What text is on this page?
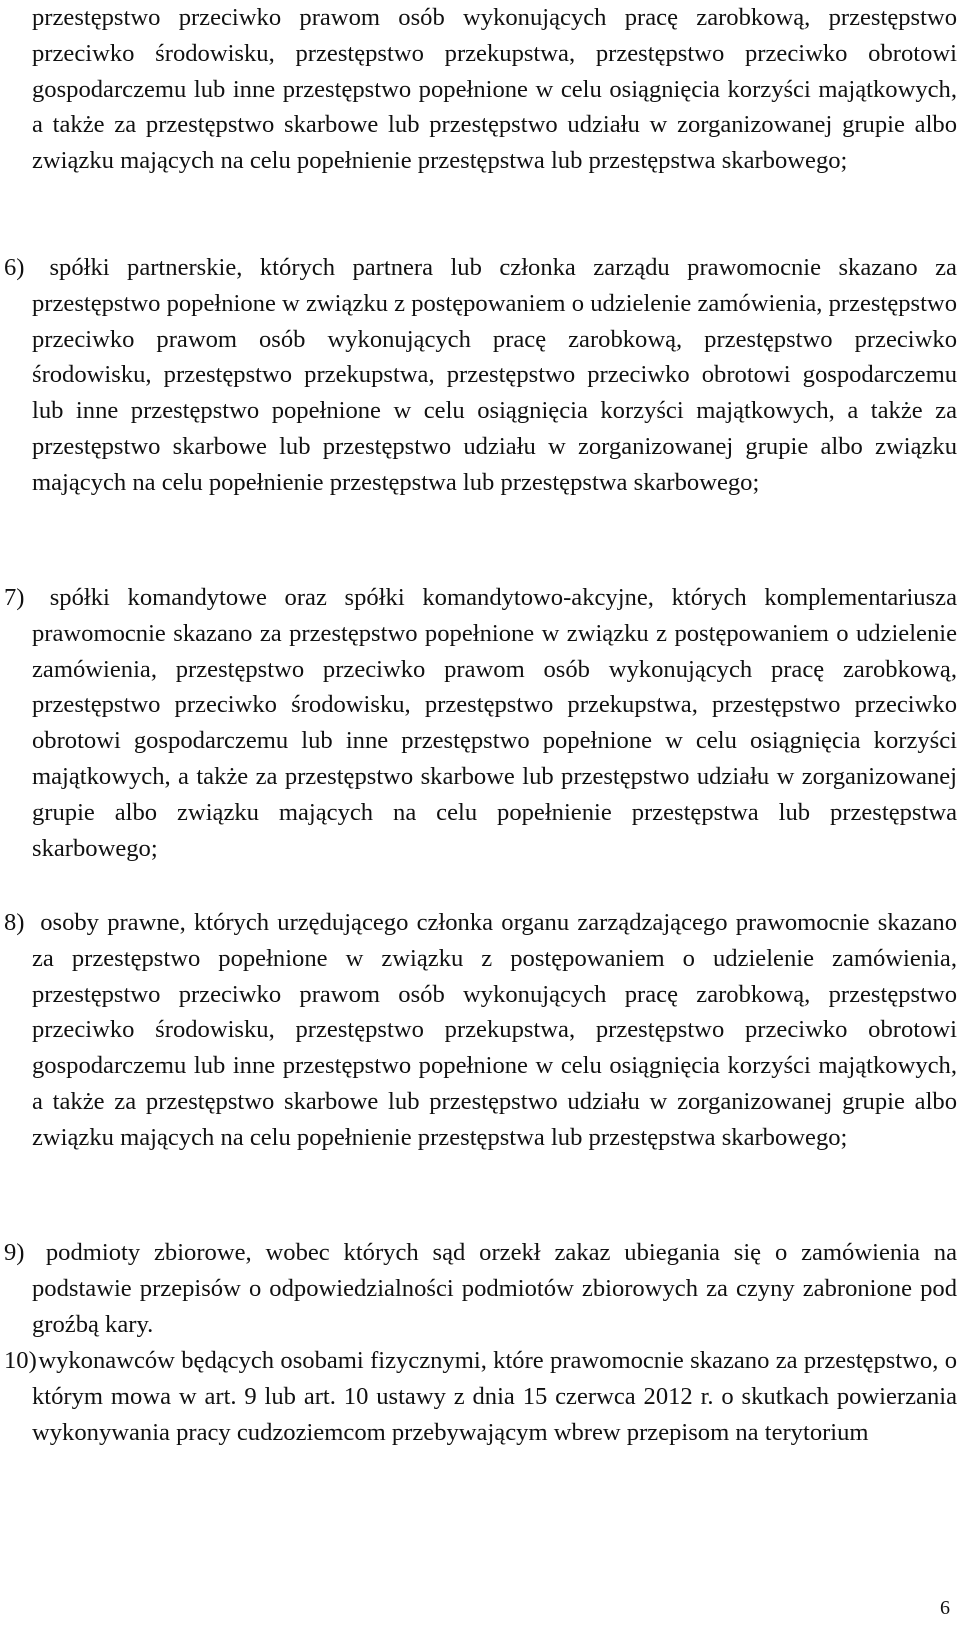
przestępstwo przeciwko prawom osób wykonujących pracę zarobkową, przestępstwo przeciwko środowisku, przestępstwo przekupstwa, przestępstwo przeciwko obrotowi gospodarczemu lub inne przestępstwo popełnione w celu osiągnięcia korzyści majątkowych, a także za przestępstwo skarbowe lub przestępstwo udziału w zorganizowanej grupie albo związku mających na celu popełnienie przestępstwa lub przestępstwa skarbowego;
6) spółki partnerskie, których partnera lub członka zarządu prawomocnie skazano za przestępstwo popełnione w związku z postępowaniem o udzielenie zamówienia, przestępstwo przeciwko prawom osób wykonujących pracę zarobkową, przestępstwo przeciwko środowisku, przestępstwo przekupstwa, przestępstwo przeciwko obrotowi gospodarczemu lub inne przestępstwo popełnione w celu osiągnięcia korzyści majątkowych, a także za przestępstwo skarbowe lub przestępstwo udziału w zorganizowanej grupie albo związku mających na celu popełnienie przestępstwa lub przestępstwa skarbowego;
7) spółki komandytowe oraz spółki komandytowo-akcyjne, których komplementariusza prawomocnie skazano za przestępstwo popełnione w związku z postępowaniem o udzielenie zamówienia, przestępstwo przeciwko prawom osób wykonujących pracę zarobkową, przestępstwo przeciwko środowisku, przestępstwo przekupstwa, przestępstwo przeciwko obrotowi gospodarczemu lub inne przestępstwo popełnione w celu osiągnięcia korzyści majątkowych, a także za przestępstwo skarbowe lub przestępstwo udziału w zorganizowanej grupie albo związku mających na celu popełnienie przestępstwa lub przestępstwa skarbowego;
8) osoby prawne, których urzędującego członka organu zarządzającego prawomocnie skazano za przestępstwo popełnione w związku z postępowaniem o udzielenie zamówienia, przestępstwo przeciwko prawom osób wykonujących pracę zarobkową, przestępstwo przeciwko środowisku, przestępstwo przekupstwa, przestępstwo przeciwko obrotowi gospodarczemu lub inne przestępstwo popełnione w celu osiągnięcia korzyści majątkowych, a także za przestępstwo skarbowe lub przestępstwo udziału w zorganizowanej grupie albo związku mających na celu popełnienie przestępstwa lub przestępstwa skarbowego;
9) podmioty zbiorowe, wobec których sąd orzekł zakaz ubiegania się o zamówienia na podstawie przepisów o odpowiedzialności podmiotów zbiorowych za czyny zabronione pod groźbą kary.
10) wykonawców będących osobami fizycznymi, które prawomocnie skazano za przestępstwo, o którym mowa w art. 9 lub art. 10 ustawy z dnia 15 czerwca 2012 r. o skutkach powierzania wykonywania pracy cudzoziemcom przebywającym wbrew przepisom na terytorium
6
